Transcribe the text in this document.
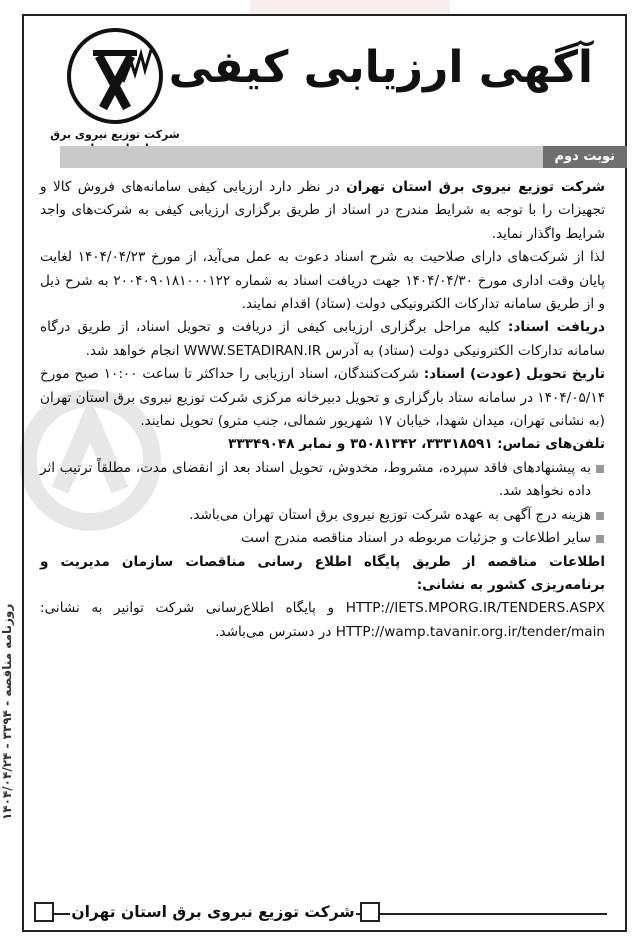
شرکت توزیع نیروی برق
آگهی ارزیابی کیفی
نوبت دوم

شرکت توزیع نیروی برق استان تهران در نظر دارد ارزیابی کیفی سامانه‌های فروش کالا و تجهیزات را با توجه به شرایط مندرج در اسناد از طریق برگزاری ارزیابی کیفی به شرکت‌های واجد شرایط واگذار نماید.

لذا از شرکت‌های دارای صلاحیت به شرح اسناد دعوت به عمل می‌آید، از مورخ ۱۴۰۴/۰۴/۲۳ لغایت پایان وقت اداری مورخ ۱۴۰۴/۰۴/۳۰ جهت دریافت اسناد به شماره ۲۰۰۴۰۹۰۱۸۱۰۰۰۱۲۲ به شرح ذیل و از طریق سامانه تدارکات الکترونیکی دولت (ستاد) اقدام نمایند.

دریافت اسناد: کلیه مراحل برگزاری ارزیابی کیفی از دریافت و تحویل اسناد، از طریق درگاه سامانه تدارکات الکترونیکی دولت (ستاد) به آدرس WWW.SETADIRAN.IR انجام خواهد شد.

تاریخ تحویل (عودت) اسناد: شرکت‌کنندگان، اسناد ارزیابی را حداکثر تا ساعت ۱۰:۰۰ صبح مورخ ۱۴۰۴/۰۵/۱۴ در سامانه ستاد بارگزاری و تحویل دبیرخانه مرکزی شرکت توزیع نیروی برق استان تهران (به نشانی تهران، میدان شهدا، خیابان ۱۷ شهریور شمالی، جنب مترو) تحویل نمایند.

تلفن‌های تماس: ۳۳۳۱۸۵۹۱، ۳۵۰۸۱۳۴۲ و نمابر ۳۳۳۴۹۰۴۸

به پیشنهادهای فاقد سپرده، مشروط، مخدوش، تحویل اسناد بعد از انقضای مدت، مطلقاً ترتیب اثر داده نخواهد شد.

هزینه درج آگهی به عهده شرکت توزیع نیروی برق استان تهران می‌باشد.

سایر اطلاعات و جزئیات مربوطه در اسناد مناقصه مندرج است

اطلاعات مناقصه از طریق پایگاه اطلاع رسانی مناقصات سازمان مدیریت و برنامه‌ریزی کشور به نشانی:

HTTP://IETS.MPORG.IR/TENDERS.ASPX و پایگاه اطلاع‌رسانی شرکت توانیر به نشانی: HTTP://wamp.tavanir.org.ir/tender/main در دسترس می‌باشد.

شرکت توزیع نیروی برق استان تهران
روزنامه مناقصه - ۳۳۹۴ - ۱۴۰۴/۰۴/۲۴
